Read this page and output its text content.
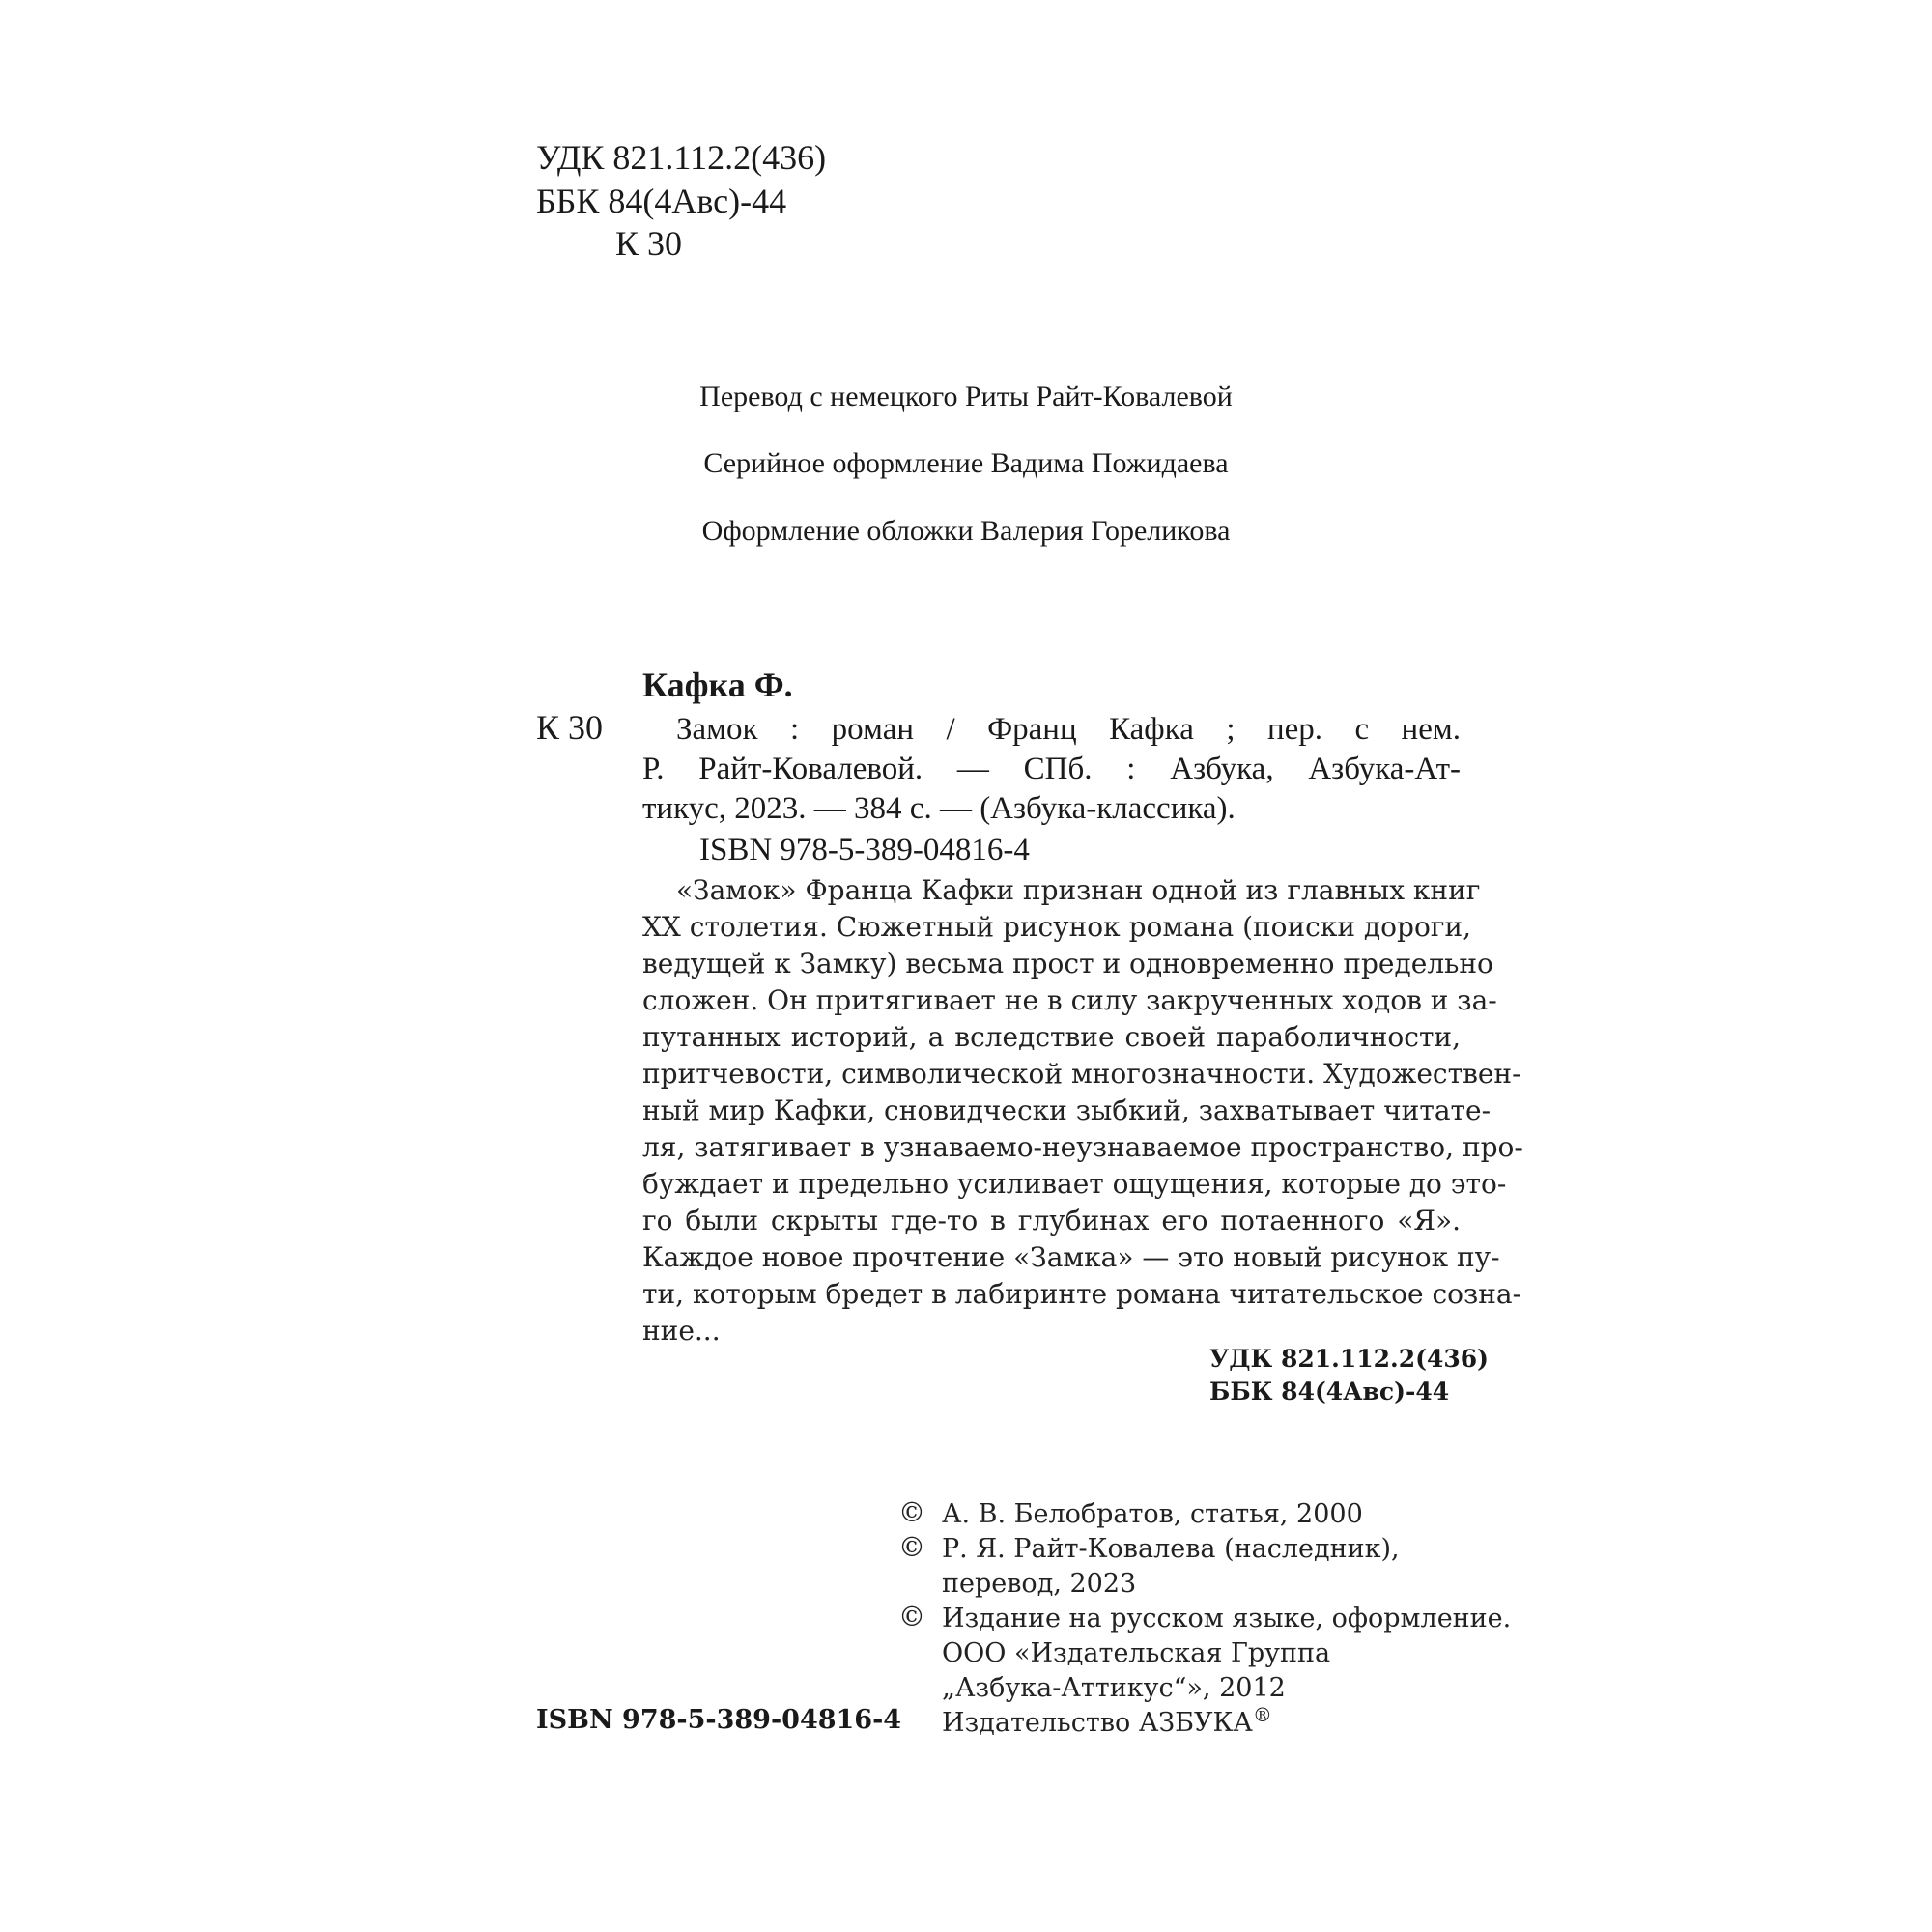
УДК 821.112.2(436)
ББК 84(4Авс)-44
К 30
Перевод с немецкого Риты Райт-Ковалевой
Серийное оформление Вадима Пожидаева
Оформление обложки Валерия Гореликова
Кафка Ф.
К 30 Замок : роман / Франц Кафка ; пер. с нем.
Р. Райт-Ковалевой. — СПб. : Азбука, Азбука-Ат-
тикус, 2023. — 384 с. — (Азбука-классика).
ISBN 978-5-389-04816-4
«Замок» Франца Кафки признан одной из главных книг
XX столетия. Сюжетный рисунок романа (поиски дороги,
ведущей к Замку) весьма прост и одновременно предельно
сложен. Он притягивает не в силу закрученных ходов и за-
путанных историй, а вследствие своей параболичности,
притчевости, символической многозначности. Художествен-
ный мир Кафки, сновидчески зыбкий, захватывает читате-
ля, затягивает в узнаваемо-неузнаваемое пространство, про-
буждает и предельно усиливает ощущения, которые до это-
го были скрыты где-то в глубинах его потаенного «Я».
Каждое новое прочтение «Замка» — это новый рисунок пу-
ти, которым бредет в лабиринте романа читательское созна-
ние...
УДК 821.112.2(436)
ББК 84(4Авс)-44
© А. В. Белобратов, статья, 2000
© Р. Я. Райт-Ковалева (наследник),
перевод, 2023
© Издание на русском языке, оформление.
ООО «Издательская Группа
„Азбука-Аттикус“», 2012
Издательство АЗБУКА®
ISBN 978-5-389-04816-4
